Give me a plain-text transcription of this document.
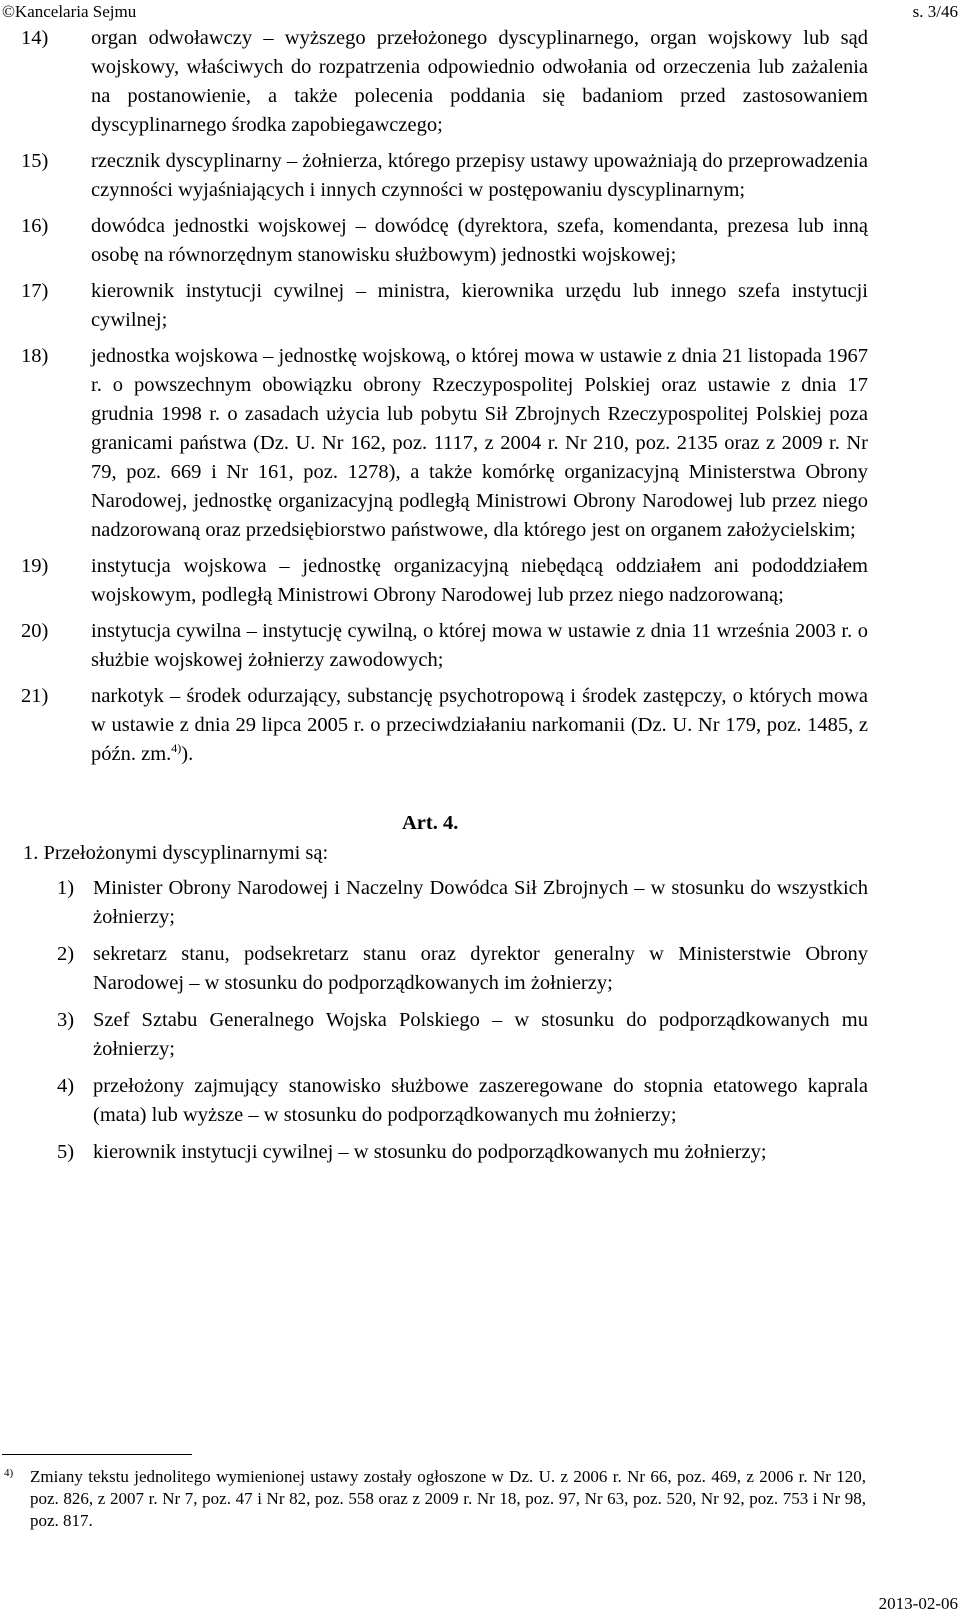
©Kancelaria Sejmu	s. 3/46
14) organ odwoławczy – wyższego przełożonego dyscyplinarnego, organ wojskowy lub sąd wojskowy, właściwych do rozpatrzenia odpowiednio odwołania od orzeczenia lub zażalenia na postanowienie, a także polecenia poddania się badaniom przed zastosowaniem dyscyplinarnego środka zapobiegawczego;
15) rzecznik dyscyplinarny – żołnierza, którego przepisy ustawy upoważniają do przeprowadzenia czynności wyjaśniających i innych czynności w postępowaniu dyscyplinarnym;
16) dowódca jednostki wojskowej – dowódcę (dyrektora, szefa, komendanta, prezesa lub inną osobę na równorzędnym stanowisku służbowym) jednostki wojskowej;
17) kierownik instytucji cywilnej – ministra, kierownika urzędu lub innego szefa instytucji cywilnej;
18) jednostka wojskowa – jednostkę wojskową, o której mowa w ustawie z dnia 21 listopada 1967 r. o powszechnym obowiązku obrony Rzeczypospolitej Polskiej oraz ustawie z dnia 17 grudnia 1998 r. o zasadach użycia lub pobytu Sił Zbrojnych Rzeczypospolitej Polskiej poza granicami państwa (Dz. U. Nr 162, poz. 1117, z 2004 r. Nr 210, poz. 2135 oraz z 2009 r. Nr 79, poz. 669 i Nr 161, poz. 1278), a także komórkę organizacyjną Ministerstwa Obrony Narodowej, jednostkę organizacyjną podległą Ministrowi Obrony Narodowej lub przez niego nadzorowaną oraz przedsiębiorstwo państwowe, dla którego jest on organem założycielskim;
19) instytucja wojskowa – jednostkę organizacyjną niebędącą oddziałem ani pododdziałem wojskowym, podległą Ministrowi Obrony Narodowej lub przez niego nadzorowaną;
20) instytucja cywilna – instytucję cywilną, o której mowa w ustawie z dnia 11 września 2003 r. o służbie wojskowej żołnierzy zawodowych;
21) narkotyk – środek odurzający, substancję psychotropową i środek zastępczy, o których mowa w ustawie z dnia 29 lipca 2005 r. o przeciwdziałaniu narkomanii (Dz. U. Nr 179, poz. 1485, z późn. zm.$^{4)}$).
Art. 4.
1. Przełożonymi dyscyplinarnymi są:
1) Minister Obrony Narodowej i Naczelny Dowódca Sił Zbrojnych – w stosunku do wszystkich żołnierzy;
2) sekretarz stanu, podsekretarz stanu oraz dyrektor generalny w Ministerstwie Obrony Narodowej – w stosunku do podporządkowanych im żołnierzy;
3) Szef Sztabu Generalnego Wojska Polskiego – w stosunku do podporządkowanych mu żołnierzy;
4) przełożony zajmujący stanowisko służbowe zaszeregowane do stopnia etatowego kaprala (mata) lub wyższe – w stosunku do podporządkowanych mu żołnierzy;
5) kierownik instytucji cywilnej – w stosunku do podporządkowanych mu żołnierzy;
4) Zmiany tekstu jednolitego wymienionej ustawy zostały ogłoszone w Dz. U. z 2006 r. Nr 66, poz. 469, z 2006 r. Nr 120, poz. 826, z 2007 r. Nr 7, poz. 47 i Nr 82, poz. 558 oraz z 2009 r. Nr 18, poz. 97, Nr 63, poz. 520, Nr 92, poz. 753 i Nr 98, poz. 817.
2013-02-06
